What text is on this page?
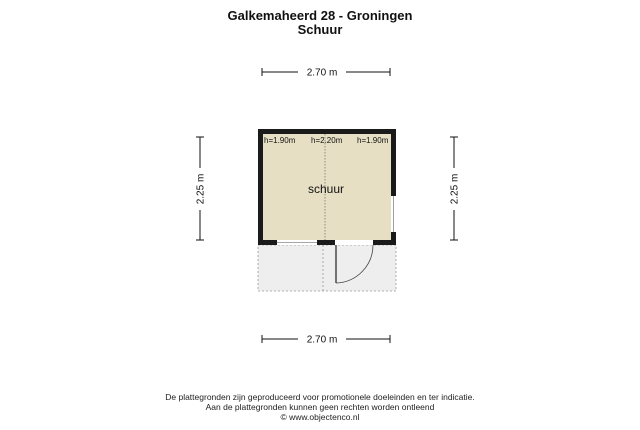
Galkemaheerd 28 - Groningen
Schuur
2.70 m
h=1.90m h=2.20m h=1.90m
schuur
2.25 m	2.25 m
2.70 m
De plattegronden zijn geproduceerd voor promotionele doeleinden en ter indicatie.
Aan de plattegronden kunnen geen rechten worden ontleend
© www.objectenco.nl
